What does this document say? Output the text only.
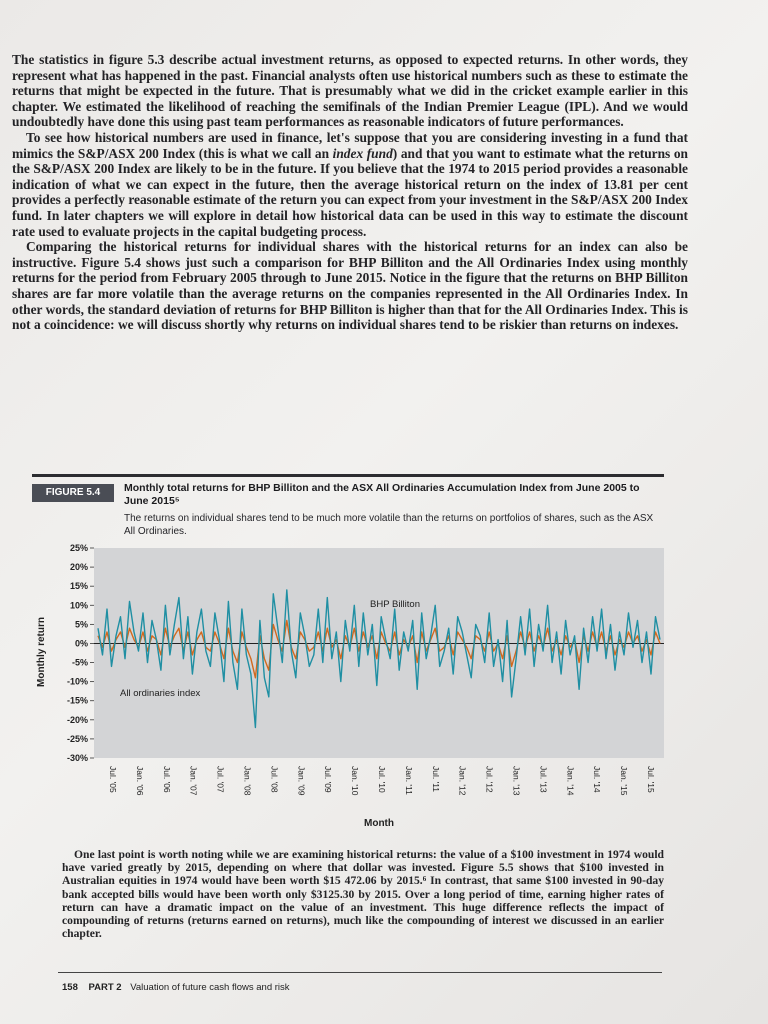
The statistics in figure 5.3 describe actual investment returns, as opposed to expected returns. In other words, they represent what has happened in the past. Financial analysts often use historical numbers such as these to estimate the returns that might be expected in the future. That is presumably what we did in the cricket example earlier in this chapter. We estimated the likelihood of reaching the semifinals of the Indian Premier League (IPL). And we would undoubtedly have done this using past team performances as reasonable indicators of future performances.

To see how historical numbers are used in finance, let's suppose that you are considering investing in a fund that mimics the S&P/ASX 200 Index (this is what we call an index fund) and that you want to estimate what the returns on the S&P/ASX 200 Index are likely to be in the future. If you believe that the 1974 to 2015 period provides a reasonable indication of what we can expect in the future, then the average historical return on the index of 13.81 per cent provides a perfectly reasonable estimate of the return you can expect from your investment in the S&P/ASX 200 Index fund. In later chapters we will explore in detail how historical data can be used in this way to estimate the discount rate used to evaluate projects in the capital budgeting process.

Comparing the historical returns for individual shares with the historical returns for an index can also be instructive. Figure 5.4 shows just such a comparison for BHP Billiton and the All Ordinaries Index using monthly returns for the period from February 2005 through to June 2015. Notice in the figure that the returns on BHP Billiton shares are far more volatile than the average returns on the companies represented in the All Ordinaries Index. In other words, the standard deviation of returns for BHP Billiton is higher than that for the All Ordinaries Index. This is not a coincidence: we will discuss shortly why returns on individual shares tend to be riskier than returns on indexes.

FIGURE 5.4	Monthly total returns for BHP Billiton and the ASX All Ordinaries Accumulation Index from June 2005 to June 2015⁵
The returns on individual shares tend to be much more volatile than the returns on portfolios of shares, such as the ASX All Ordinaries.
25%
20%
15%
10%
5%
0%
-5%
-10%
-15%
-20%
-25%
-30%
Jul. '05 Jan. '06 Jul. '06 Jan. '07 Jul. '07 Jan. '08 Jul. '08 Jan. '09 Jul. '09 Jan. '10 Jul. '10 Jan. '11 Jul. '11 Jan. '12 Jul. '12 Jan. '13 Jul. '13 Jan. '14 Jul. '14 Jan. '15 Jul. '15
Monthly return
Month
BHP Billiton
All ordinaries index
One last point is worth noting while we are examining historical returns: the value of a $100 investment in 1974 would have varied greatly by 2015, depending on where that dollar was invested. Figure 5.5 shows that $100 invested in Australian equities in 1974 would have been worth $15 472.06 by 2015.⁶ In contrast, that same $100 invested in 90-day bank accepted bills would have been worth only $3125.30 by 2015. Over a long period of time, earning higher rates of return can have a dramatic impact on the value of an investment. This huge difference reflects the impact of compounding of returns (returns earned on returns), much like the compounding of interest we discussed in an earlier chapter.
158 PART 2 Valuation of future cash flows and risk
